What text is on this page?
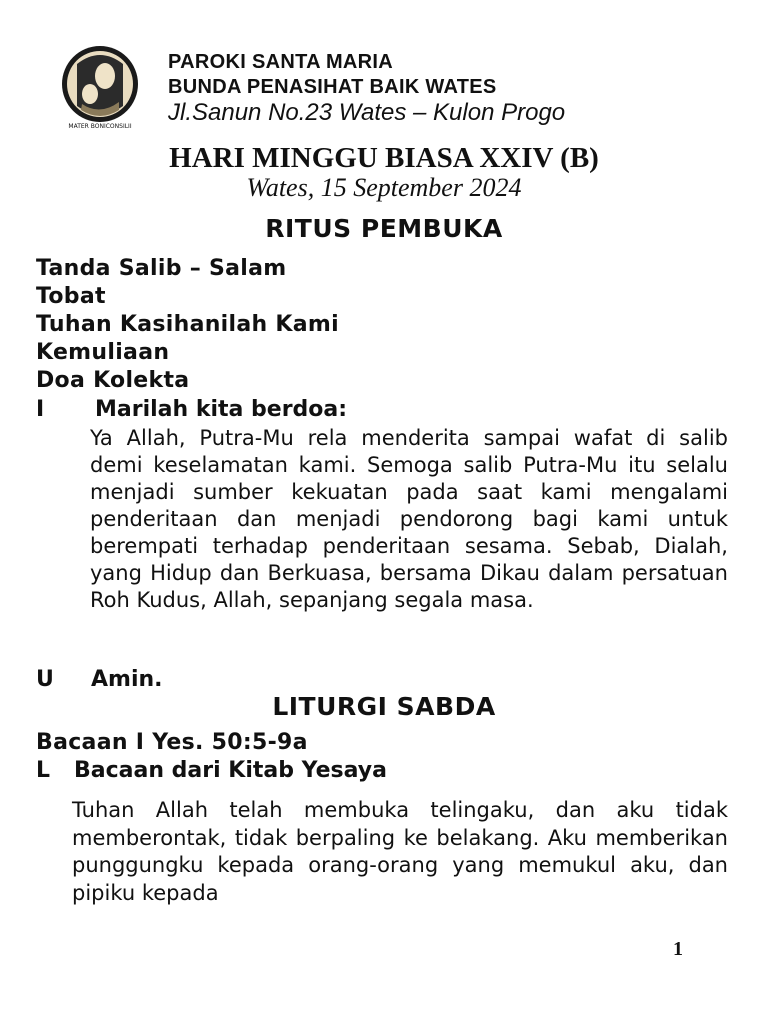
MATER BONICONSILII
PAROKI SANTA MARIA
BUNDA PENASIHAT BAIK WATES
Jl.Sanun No.23 Wates – Kulon Progo
HARI MINGGU BIASA XXIV (B)
Wates, 15 September 2024
RITUS PEMBUKA
Tanda Salib – Salam
Tobat
Tuhan Kasihanilah Kami
Kemuliaan
Doa Kolekta
I Marilah kita berdoa:

Ya Allah, Putra-Mu rela menderita sampai wafat di salib demi keselamatan kami. Semoga salib Putra-Mu itu selalu menjadi sumber kekuatan pada saat kami mengalami penderitaan dan menjadi pendorong bagi kami untuk berempati terhadap penderitaan sesama. Sebab, Dialah, yang Hidup dan Berkuasa, bersama Dikau dalam persatuan Roh Kudus, Allah, sepanjang segala masa.

U Amin.
LITURGI SABDA
Bacaan I Yes. 50:5-9a
L Bacaan dari Kitab Yesaya

Tuhan Allah telah membuka telingaku, dan aku tidak memberontak, tidak berpaling ke belakang. Aku memberikan punggungku kepada orang-orang yang memukul aku, dan pipiku kepada

1
